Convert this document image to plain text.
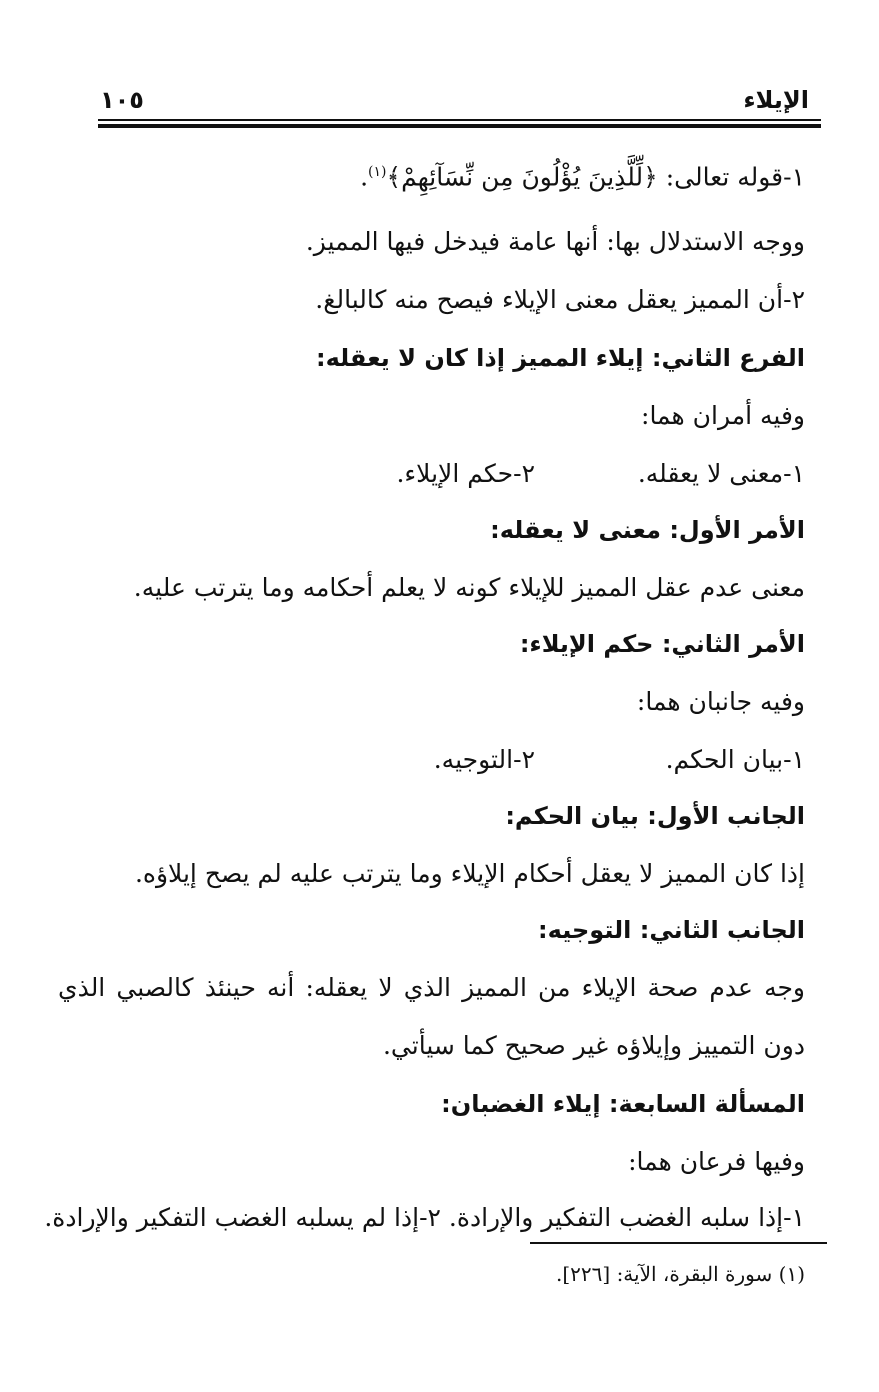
الإيلاء
١٠٥
١-قوله تعالى: ﴿لِّلَّذِينَ يُؤْلُونَ مِن نِّسَآئِهِمْ﴾$^{(١)}$.
ووجه الاستدلال بها: أنها عامة فيدخل فيها المميز.
٢-أن المميز يعقل معنى الإيلاء فيصح منه كالبالغ.
الفرع الثاني: إيلاء المميز إذا كان لا يعقله:
وفيه أمران هما:
١-معنى لا يعقله.
٢-حكم الإيلاء.
الأمر الأول: معنى لا يعقله:
معنى عدم عقل المميز للإيلاء كونه لا يعلم أحكامه وما يترتب عليه.
الأمر الثاني: حكم الإيلاء:
وفيه جانبان هما:
١-بيان الحكم.
٢-التوجيه.
الجانب الأول: بيان الحكم:
إذا كان المميز لا يعقل أحكام الإيلاء وما يترتب عليه لم يصح إيلاؤه.
الجانب الثاني: التوجيه:
وجه عدم صحة الإيلاء من المميز الذي لا يعقله: أنه حينئذ كالصبي الذي
دون التمييز وإيلاؤه غير صحيح كما سيأتي.
المسألة السابعة: إيلاء الغضبان:
وفيها فرعان هما:
١-إذا سلبه الغضب التفكير والإرادة. ٢-إذا لم يسلبه الغضب التفكير والإرادة.
(١) سورة البقرة، الآية: [٢٢٦].
